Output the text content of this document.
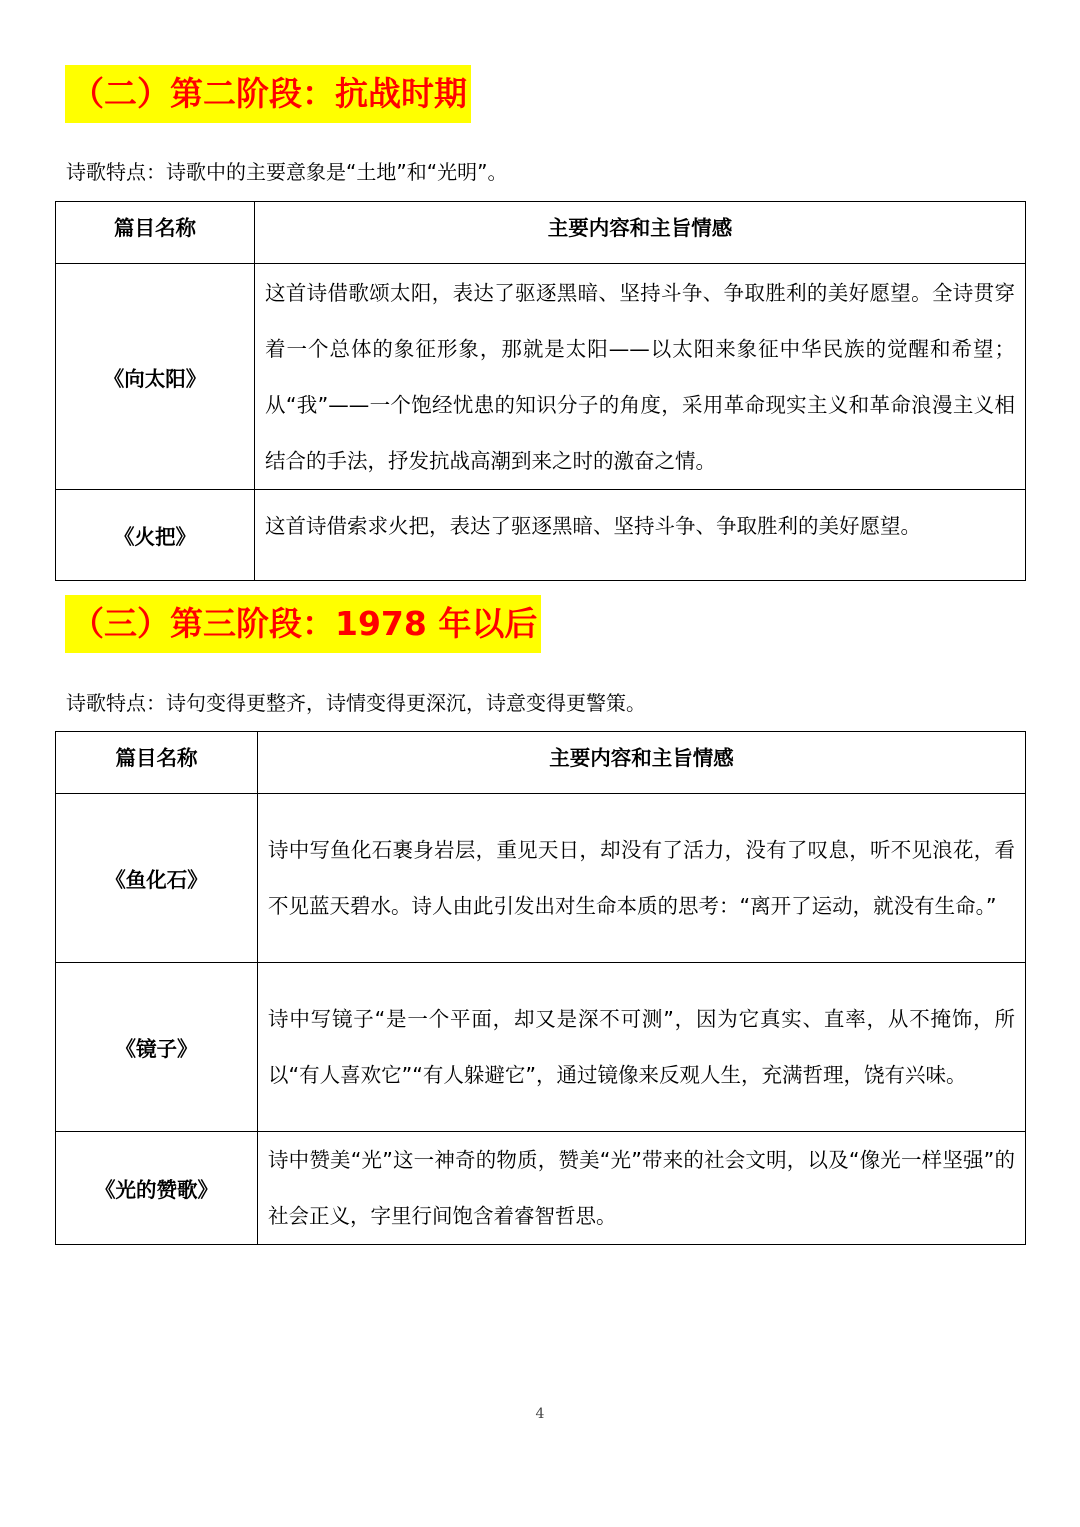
（二）第二阶段：抗战时期
诗歌特点：诗歌中的主要意象是“土地”和“光明”。
篇目名称	主要内容和主旨情感
《向太阳》	这首诗借歌颂太阳，表达了驱逐黑暗、坚持斗争、争取胜利的美好愿望。全诗贯穿着一个总体的象征形象，那就是太阳——以太阳来象征中华民族的觉醒和希望；从“我”——一个饱经忧患的知识分子的角度，采用革命现实主义和革命浪漫主义相结合的手法，抒发抗战高潮到来之时的激奋之情。
《火把》	这首诗借索求火把，表达了驱逐黑暗、坚持斗争、争取胜利的美好愿望。
（三）第三阶段：1978 年以后
诗歌特点：诗句变得更整齐，诗情变得更深沉，诗意变得更警策。
篇目名称	主要内容和主旨情感
《鱼化石》	诗中写鱼化石裹身岩层，重见天日，却没有了活力，没有了叹息，听不见浪花，看不见蓝天碧水。诗人由此引发出对生命本质的思考：“离开了运动，就没有生命。”
《镜子》	诗中写镜子“是一个平面，却又是深不可测”，因为它真实、直率，从不掩饰，所以“有人喜欢它”“有人躲避它”，通过镜像来反观人生，充满哲理，饶有兴味。
《光的赞歌》	诗中赞美“光”这一神奇的物质，赞美“光”带来的社会文明，以及“像光一样坚强”的社会正义，字里行间饱含着睿智哲思。
4
